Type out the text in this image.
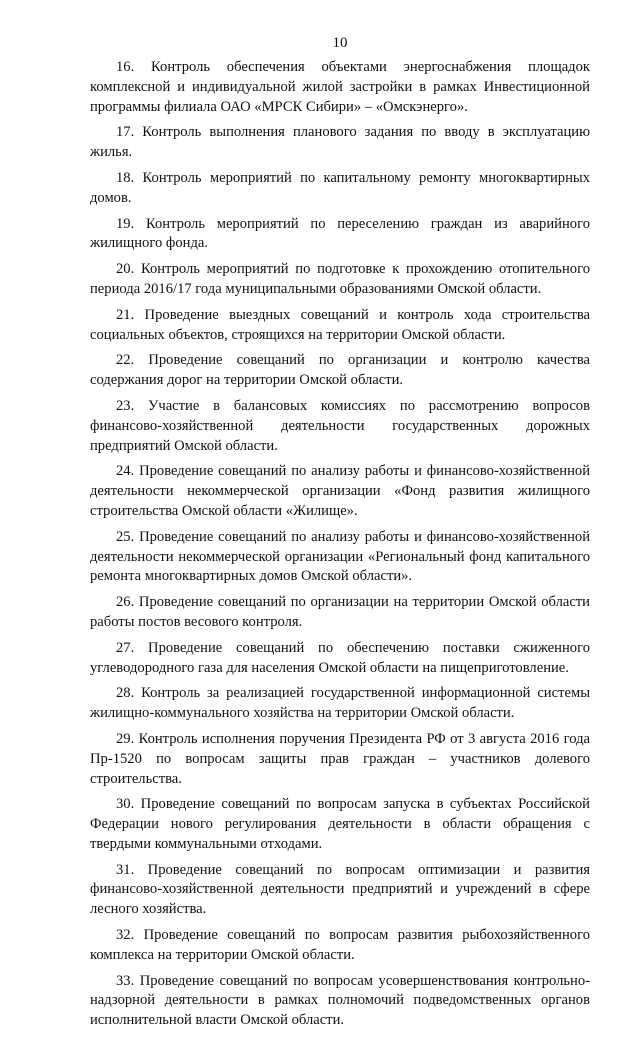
10

16. Контроль обеспечения объектами энергоснабжения площадок комплексной и индивидуальной жилой застройки в рамках Инвестиционной программы филиала ОАО «МРСК Сибири» – «Омскэнерго».

17. Контроль выполнения планового задания по вводу в эксплуатацию жилья.

18. Контроль мероприятий по капитальному ремонту многоквартирных домов.

19. Контроль мероприятий по переселению граждан из аварийного жилищного фонда.

20. Контроль мероприятий по подготовке к прохождению отопительного периода 2016/17 года муниципальными образованиями Омской области.

21. Проведение выездных совещаний и контроль хода строительства социальных объектов, строящихся на территории Омской области.

22. Проведение совещаний по организации и контролю качества содержания дорог на территории Омской области.

23. Участие в балансовых комиссиях по рассмотрению вопросов финансово-хозяйственной деятельности государственных дорожных предприятий Омской области.

24. Проведение совещаний по анализу работы и финансово-хозяйственной деятельности некоммерческой организации «Фонд развития жилищного строительства Омской области «Жилище».

25. Проведение совещаний по анализу работы и финансово-хозяйственной деятельности некоммерческой организации «Региональный фонд капитального ремонта многоквартирных домов Омской области».

26. Проведение совещаний по организации на территории Омской области работы постов весового контроля.

27. Проведение совещаний по обеспечению поставки сжиженного углеводородного газа для населения Омской области на пищеприготовление.

28. Контроль за реализацией государственной информационной системы жилищно-коммунального хозяйства на территории Омской области.

29. Контроль исполнения поручения Президента РФ от 3 августа 2016 года Пр-1520 по вопросам защиты прав граждан – участников долевого строительства.

30. Проведение совещаний по вопросам запуска в субъектах Российской Федерации нового регулирования деятельности в области обращения с твердыми коммунальными отходами.

31. Проведение совещаний по вопросам оптимизации и развития финансово-хозяйственной деятельности предприятий и учреждений в сфере лесного хозяйства.

32. Проведение совещаний по вопросам развития рыбохозяйственного комплекса на территории Омской области.

33. Проведение совещаний по вопросам усовершенствования контрольно-надзорной деятельности в рамках полномочий подведомственных органов исполнительной власти Омской области.
